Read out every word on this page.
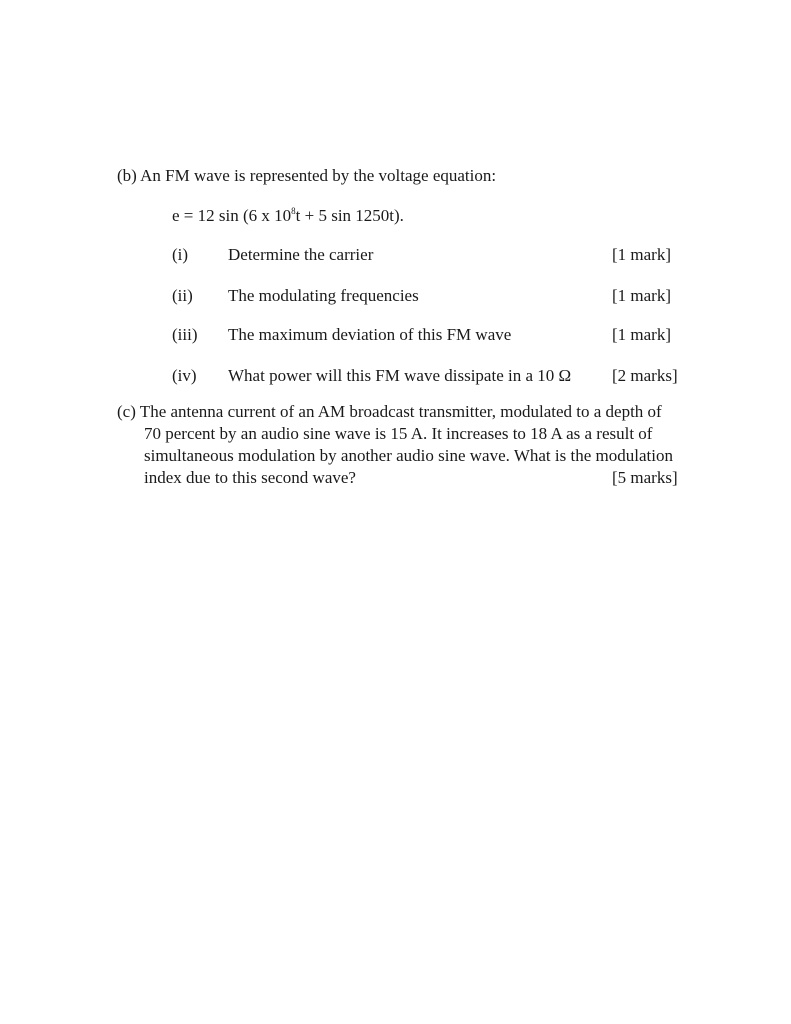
(b) An FM wave is represented by the voltage equation:
e = 12 sin (6 x $10^8t + 5$ sin 1250t).
(i) Determine the carrier	[1 mark]
(ii) The modulating frequencies	[1 mark]
(iii) The maximum deviation of this FM wave	[1 mark]
(iv) What power will this FM wave dissipate in a 10 Ω [2 marks]
(c) The antenna current of an AM broadcast transmitter, modulated to a depth of
70 percent by an audio sine wave is 15 A. It increases to 18 A as a result of
simultaneous modulation by another audio sine wave. What is the modulation
index due to this second wave?	[5 marks]
